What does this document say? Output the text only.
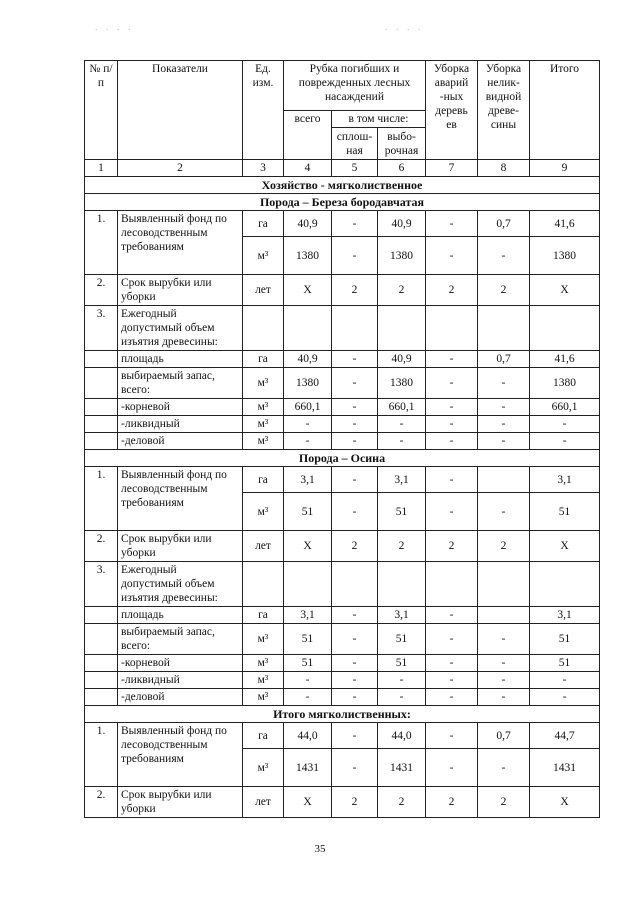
. . . .	. . . .
№ п/п	Показатели	Ед. изм.	Рубка погибших и поврежденных лесных насаждений			Уборка аварий -ных деревь ев	Уборка нелик-видной древе-сины	Итого
			всего	в том числе:				
				сплош-ная	выбо-рочная			
1	2	3	4	5	6	7	8	9
Хозяйство - мягколиственное								
Порода – Береза бородавчатая								
1.	Выявленный фонд по лесоводственным требованиям	га	40,9	-	40,9	-	0,7	41,6
		м³	1380	-	1380	-	-	1380
2.	Срок вырубки или уборки	лет	Х	2	2	2	2	Х
3.	Ежегодный допустимый объем изъятия древесины:							
	площадь	га	40,9	-	40,9	-	0,7	41,6
	выбираемый запас, всего:	м³	1380	-	1380	-	-	1380
	-корневой	м³	660,1	-	660,1	-	-	660,1
	-ликвидный	м³	-	-	-	-	-	-
	-деловой	м³	-	-	-	-	-	-
Порода – Осина								
1.	Выявленный фонд по лесоводственным требованиям	га	3,1	-	3,1	-		3,1
		м³	51	-	51	-	-	51
2.	Срок вырубки или уборки	лет	Х	2	2	2	2	Х
3.	Ежегодный допустимый объем изъятия древесины:							
	площадь	га	3,1	-	3,1	-		3,1
	выбираемый запас, всего:	м³	51	-	51	-	-	51
	-корневой	м³	51	-	51	-	-	51
	-ликвидный	м³	-	-	-	-	-	-
	-деловой	м³	-	-	-	-	-	-
Итого мягколиственных:								
1.	Выявленный фонд по лесоводственным требованиям	га	44,0	-	44,0	-	0,7	44,7
		м³	1431	-	1431	-	-	1431
2.	Срок вырубки или уборки	лет	Х	2	2	2	2	Х
35
